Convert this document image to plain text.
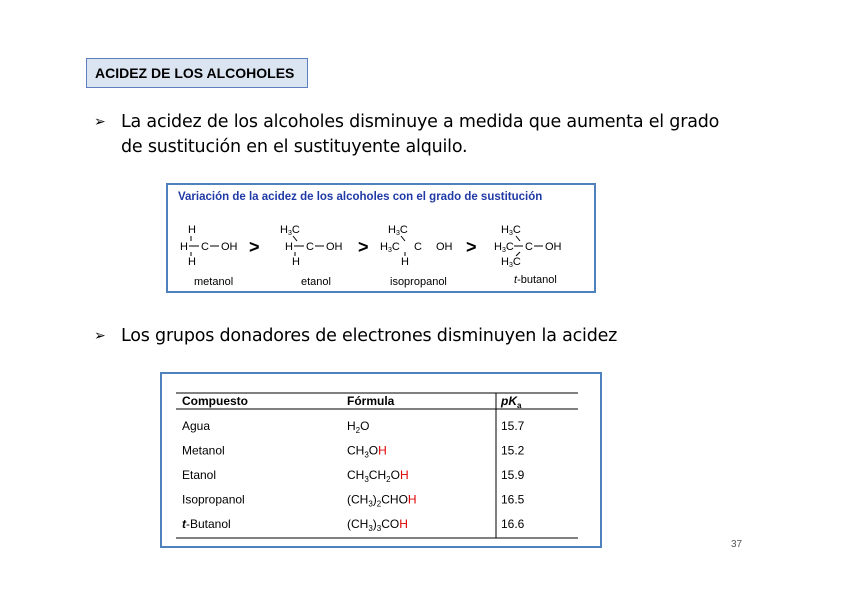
ACIDEZ DE LOS ALCOHOLES
➢ La acidez de los alcoholes disminuye a medida que aumenta el grado de sustitución en el sustituyente alquilo.
Variación de la acidez de los alcoholes con el grado de sustitución
H
H C OH
H
metanol
>
H3C
H C OH
H
etanol
>
H3C
H3C C OH
H
isopropanol
>
H3C
H3C C OH
H3C
t-butanol
➢ Los grupos donadores de electrones disminuyen la acidez
Compuesto	Fórmula	$pK_a$
Agua	$H_2O$	15.7
Metanol	$CH_3OH$	15.2
Etanol	$CH_3CH_2OH$	15.9
Isopropanol	$(CH_3)_2CHOH$	16.5
t-Butanol	$(CH_3)_3COH$	16.6
37
